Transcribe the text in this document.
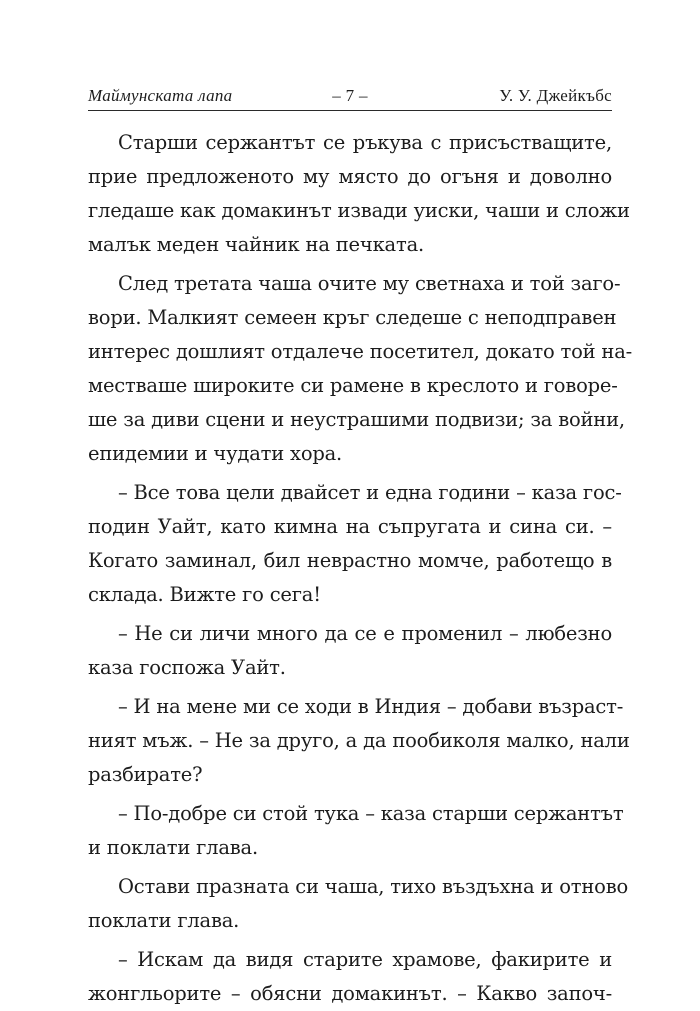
Маймунската лапа	– 7 –	У. У. Джейкъбс
Старши сержантът се ръкува с присъстващите,
прие предложеното му място до огъня и доволно
гледаше как домакинът извади уиски, чаши и сложи
малък меден чайник на печката.
След третата чаша очите му светнаха и той заго-
вори. Малкият семеен кръг следеше с неподправен
интерес дошлият отдалече посетител, докато той на-
местваше широките си рамене в креслото и говоре-
ше за диви сцени и неустрашими подвизи; за войни,
епидемии и чудати хора.
– Все това цели двайсет и една години – каза гос-
подин Уайт, като кимна на съпругата и сина си. –
Когато заминал, бил неврастно момче, работещо в
склада. Вижте го сега!
– Не си личи много да се е променил – любезно
каза госпожа Уайт.
– И на мене ми се ходи в Индия – добави възраст-
ният мъж. – Не за друго, а да пообиколя малко, нали
разбирате?
– По-добре си стой тука – каза старши сержантът
и поклати глава.
Остави празната си чаша, тихо въздъхна и отново
поклати глава.
– Искам да видя старите храмове, факирите и
жонгльорите – обясни домакинът. – Какво започ-
